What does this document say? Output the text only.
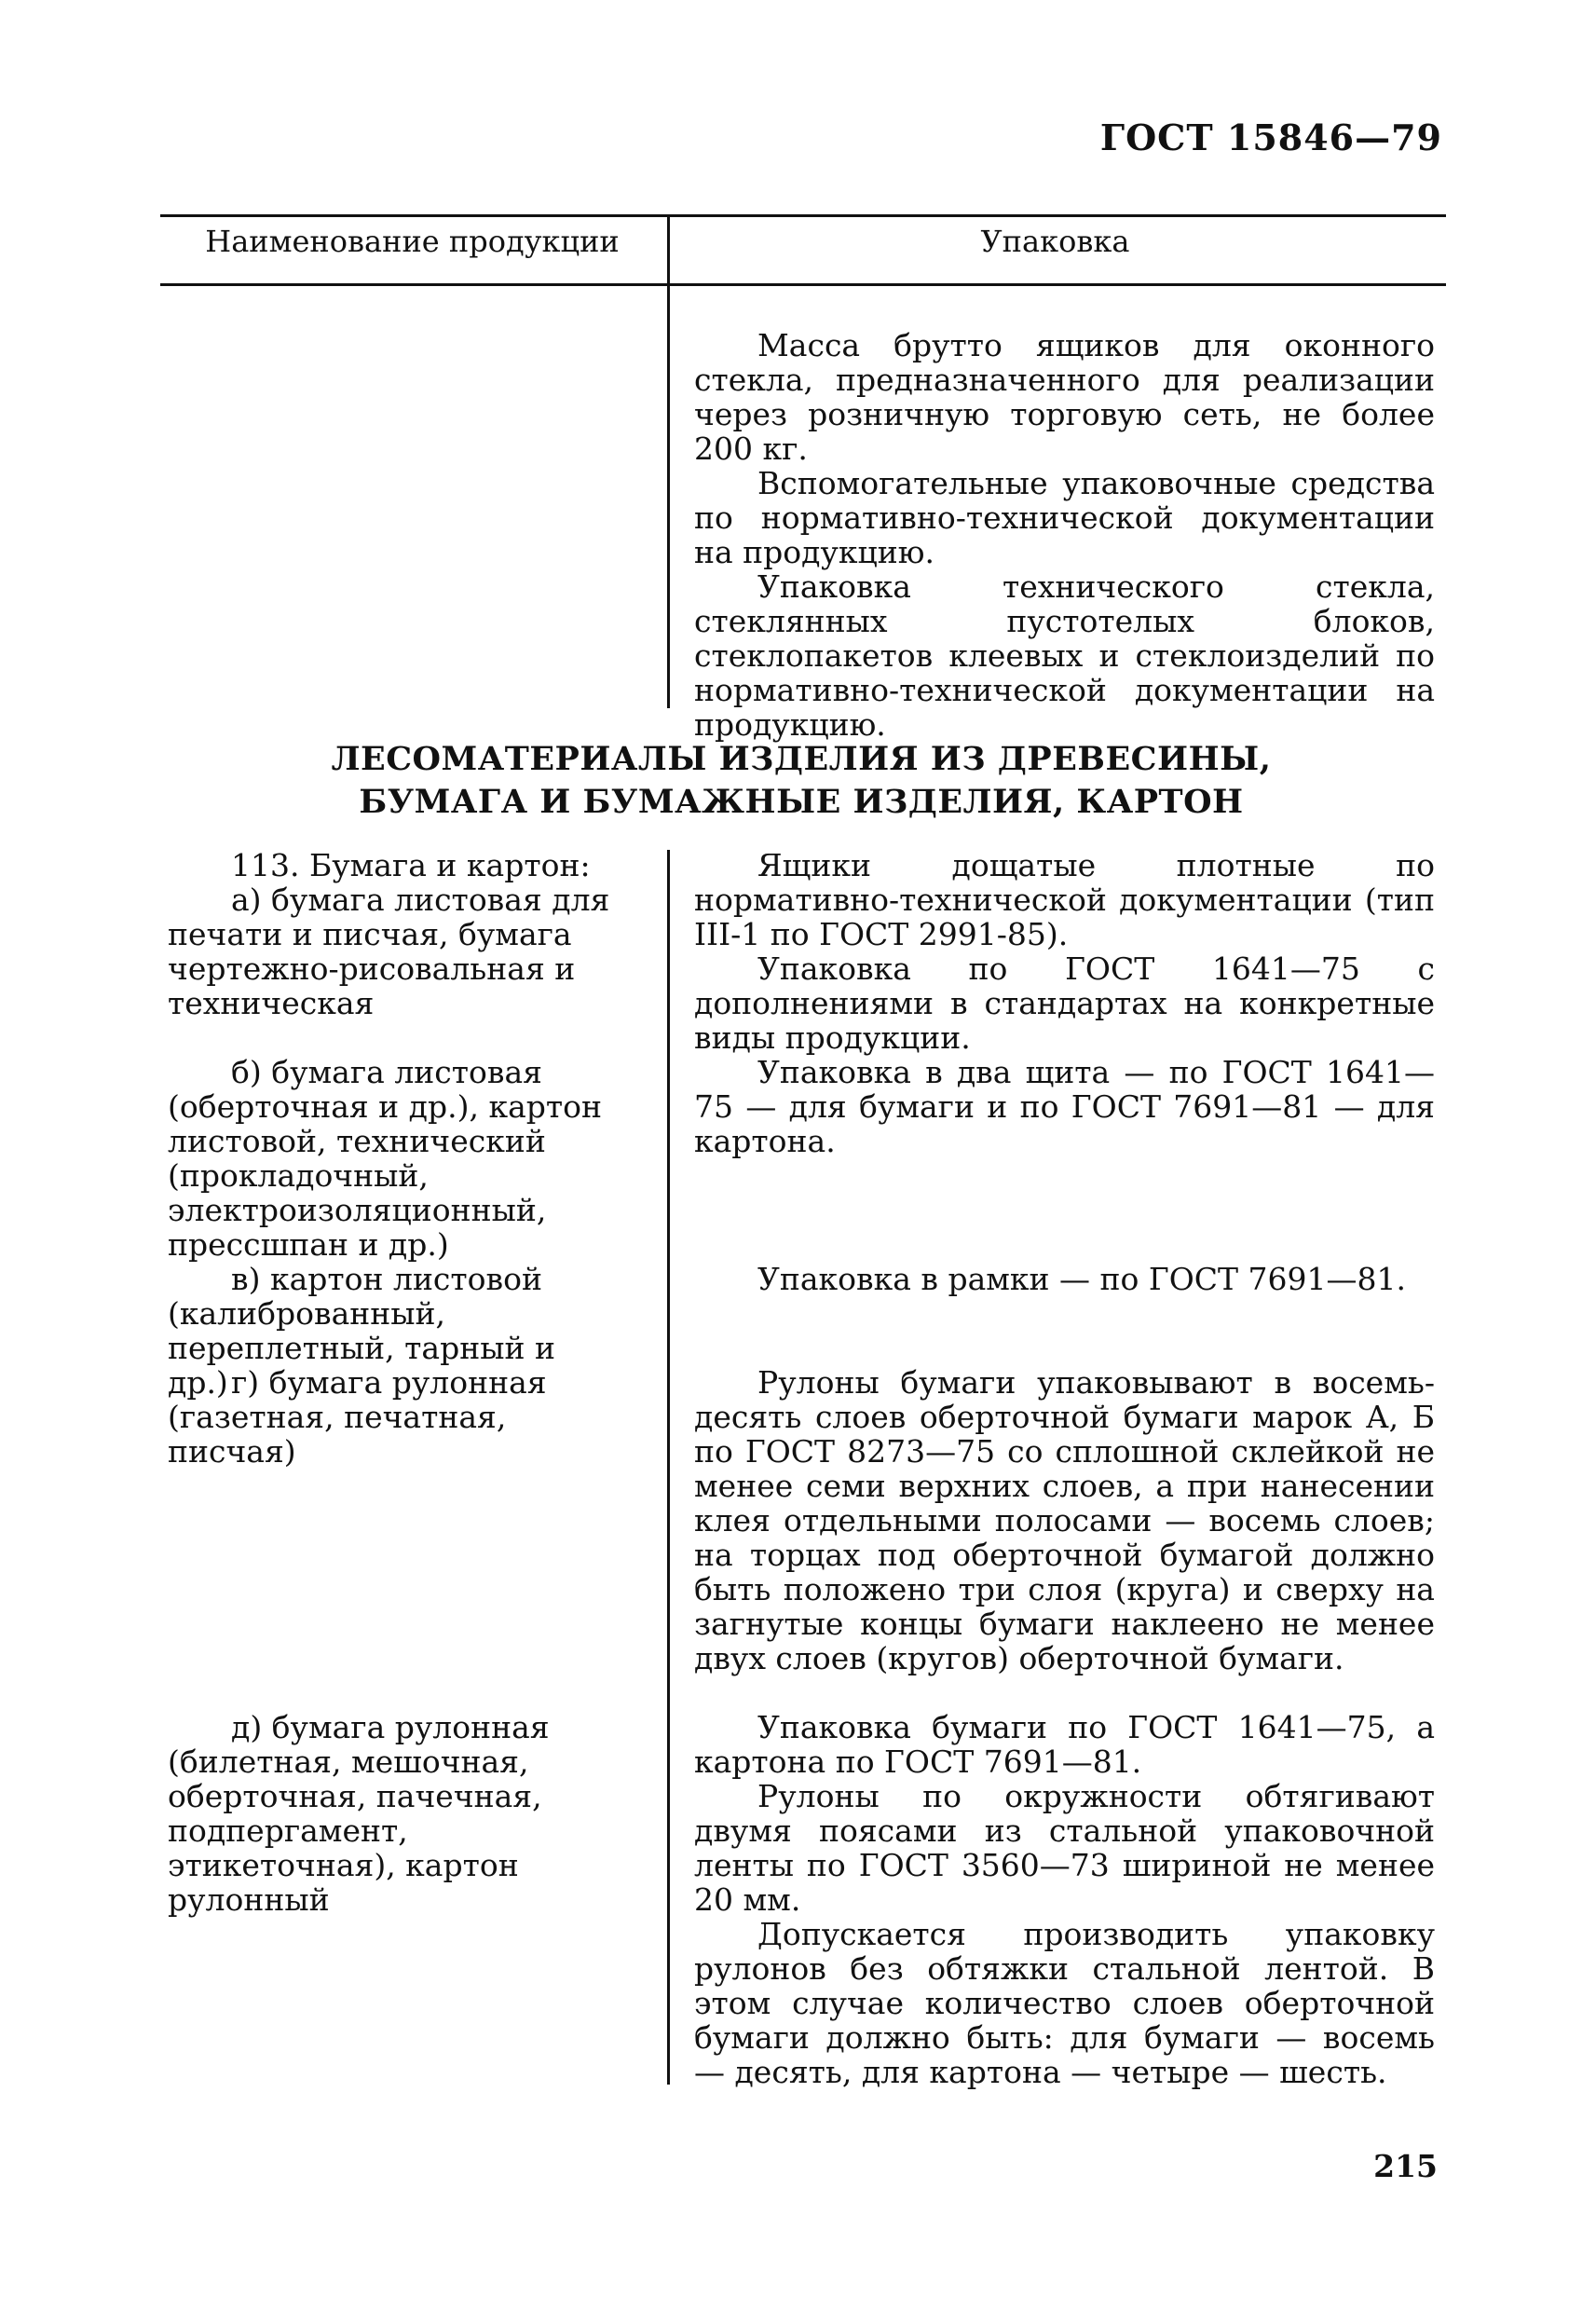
ГОСТ 15846—79
Наименование продукции	Упаковка

Масса брутто ящиков для оконного стекла, предназначенного для реализации через розничную торговую сеть, не более 200 кг.

Вспомогательные упаковочные средства по нормативно-технической документации на продукцию.

Упаковка технического стекла, стеклянных пустотелых блоков, стеклопакетов клеевых и стеклоизделий по нормативно-технической документации на продукцию.

ЛЕСОМАТЕРИАЛЫ ИЗДЕЛИЯ ИЗ ДРЕВЕСИНЫ,
БУМАГА И БУМАЖНЫЕ ИЗДЕЛИЯ, КАРТОН

113. Бумага и картон:

а) бумага листовая для печати и писчая, бумага чертежно-рисовальная и техническая

б) бумага листовая (оберточная и др.), картон листовой, технический (прокладочный, электроизоляционный, прессшпан и др.)

в) картон листовой (калиброванный, переплетный, тарный и др.) г) бумага рулонная (газетная, печатная, писчая)

д) бумага рулонная (билетная, мешочная, оберточная, пачечная, подпергамент, этикеточная), картон рулонный

Ящики дощатые плотные по нормативно-технической документации (тип III-1 по ГОСТ 2991-85).

Упаковка по ГОСТ 1641—75 с дополнениями в стандартах на конкретные виды продукции.

Упаковка в два щита — по ГОСТ 1641—75 — для бумаги и по ГОСТ 7691—81 — для картона.

Упаковка в рамки — по ГОСТ 7691—81.

Рулоны бумаги упаковывают в восемь-десять слоев оберточной бумаги марок А, Б по ГОСТ 8273—75 со сплошной склейкой не менее семи верхних слоев, а при нанесении клея отдельными полосами — восемь слоев; на торцах под оберточной бумагой должно быть положено три слоя (круга) и сверху на загнутые концы бумаги наклеено не менее двух слоев (кругов) оберточной бумаги.

Упаковка бумаги по ГОСТ 1641—75, а картона по ГОСТ 7691—81.

Рулоны по окружности обтягивают двумя поясами из стальной упаковочной ленты по ГОСТ 3560—73 шириной не менее 20 мм.

Допускается производить упаковку рулонов без обтяжки стальной лентой. В этом случае количество слоев оберточной бумаги должно быть: для бумаги — восемь — десять, для картона — четыре — шесть.

215
